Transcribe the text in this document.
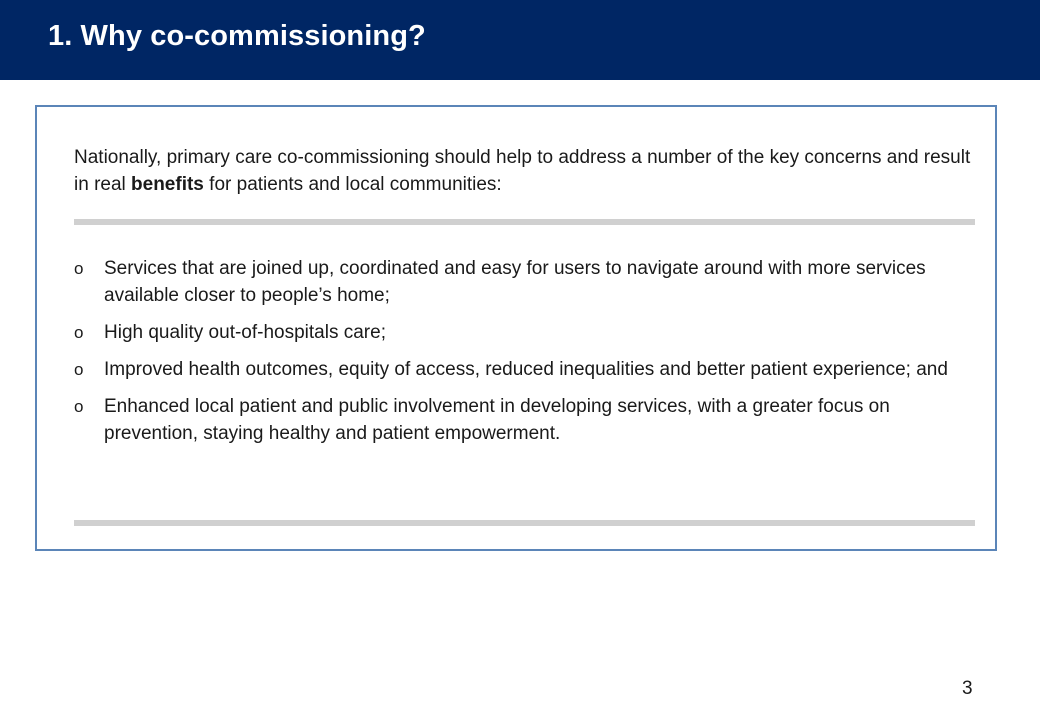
1. Why co-commissioning?
Nationally, primary care co-commissioning should help to address a number of the key concerns and result in real benefits for patients and local communities:
o Services that are joined up, coordinated and easy for users to navigate around with more services available closer to people’s home;
o High quality out-of-hospitals care;
o Improved health outcomes, equity of access, reduced inequalities and better patient experience; and
o Enhanced local patient and public involvement in developing services, with a greater focus on prevention, staying healthy and patient empowerment.
3
